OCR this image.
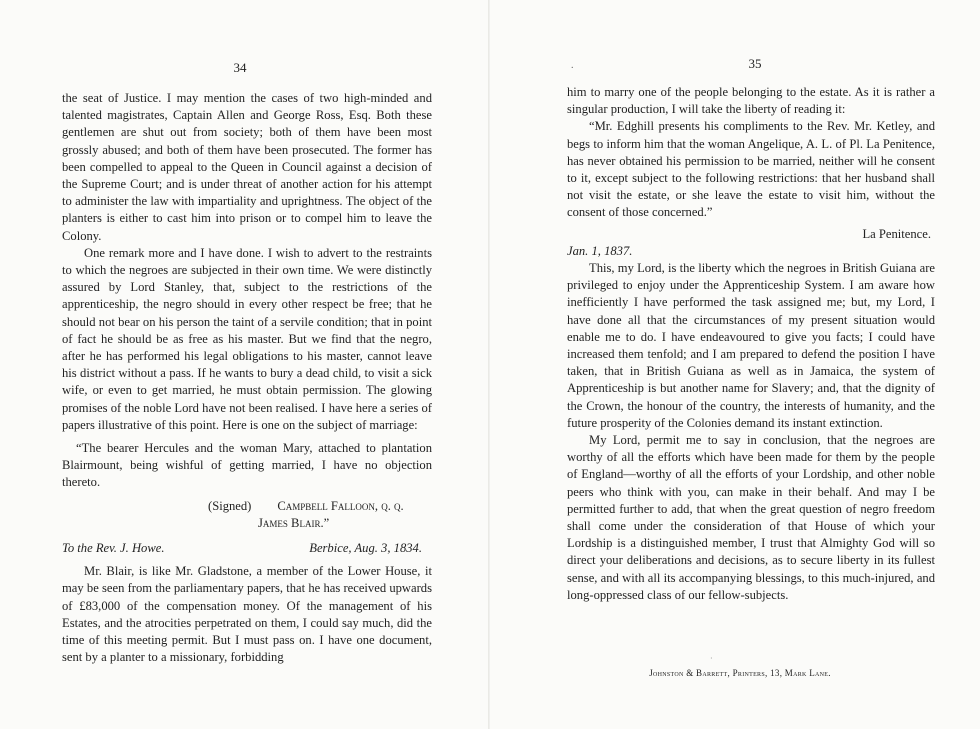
34

the seat of Justice. I may mention the cases of two high-minded and talented magistrates, Captain Allen and George Ross, Esq. Both these gentlemen are shut out from society; both of them have been most grossly abused; and both of them have been prosecuted. The former has been compelled to appeal to the Queen in Council against a decision of the Supreme Court; and is under threat of another action for his attempt to administer the law with impartiality and uprightness. The object of the planters is either to cast him into prison or to compel him to leave the Colony.

One remark more and I have done. I wish to advert to the restraints to which the negroes are subjected in their own time. We were distinctly assured by Lord Stanley, that, subject to the restrictions of the apprenticeship, the negro should in every other respect be free; that he should not bear on his person the taint of a servile condition; that in point of fact he should be as free as his master. But we find that the negro, after he has performed his legal obligations to his master, cannot leave his district without a pass. If he wants to bury a dead child, to visit a sick wife, or even to get married, he must obtain permission. The glowing promises of the noble Lord have not been realised. I have here a series of papers illustrative of this point. Here is one on the subject of marriage:

“The bearer Hercules and the woman Mary, attached to plantation Blairmount, being wishful of getting married, I have no objection thereto.

(Signed) Campbell Falloon, q. q.
James Blair.”
To the Rev. J. Howe.	Berbice, Aug. 3, 1834.

Mr. Blair, is like Mr. Gladstone, a member of the Lower House, it may be seen from the parliamentary papers, that he has received upwards of £83,000 of the compensation money. Of the management of his Estates, and the atrocities perpetrated on them, I could say much, did the time of this meeting permit. But I must pass on. I have one document, sent by a planter to a missionary, forbidding

35
.

him to marry one of the people belonging to the estate. As it is rather a singular production, I will take the liberty of reading it:

“Mr. Edghill presents his compliments to the Rev. Mr. Ketley, and begs to inform him that the woman Angelique, A. L. of Pl. La Penitence, has never obtained his permission to be married, neither will he consent to it, except subject to the following restrictions: that her husband shall not visit the estate, or she leave the estate to visit him, without the consent of those concerned.”

La Penitence.
Jan. 1, 1837.

This, my Lord, is the liberty which the negroes in British Guiana are privileged to enjoy under the Apprenticeship System. I am aware how inefficiently I have performed the task assigned me; but, my Lord, I have done all that the circumstances of my present situation would enable me to do. I have endeavoured to give you facts; I could have increased them tenfold; and I am prepared to defend the position I have taken, that in British Guiana as well as in Jamaica, the system of Apprenticeship is but another name for Slavery; and, that the dignity of the Crown, the honour of the country, the interests of humanity, and the future prosperity of the Colonies demand its instant extinction.

My Lord, permit me to say in conclusion, that the negroes are worthy of all the efforts which have been made for them by the people of England—worthy of all the efforts of your Lordship, and other noble peers who think with you, can make in their behalf. And may I be permitted further to add, that when the great question of negro freedom shall come under the consideration of that House of which your Lordship is a distinguished member, I trust that Almighty God will so direct your deliberations and decisions, as to secure liberty in its fullest sense, and with all its accompanying blessings, to this much-injured, and long-oppressed class of our fellow-subjects.

·
Johnston & Barrett, Printers, 13, Mark Lane.
